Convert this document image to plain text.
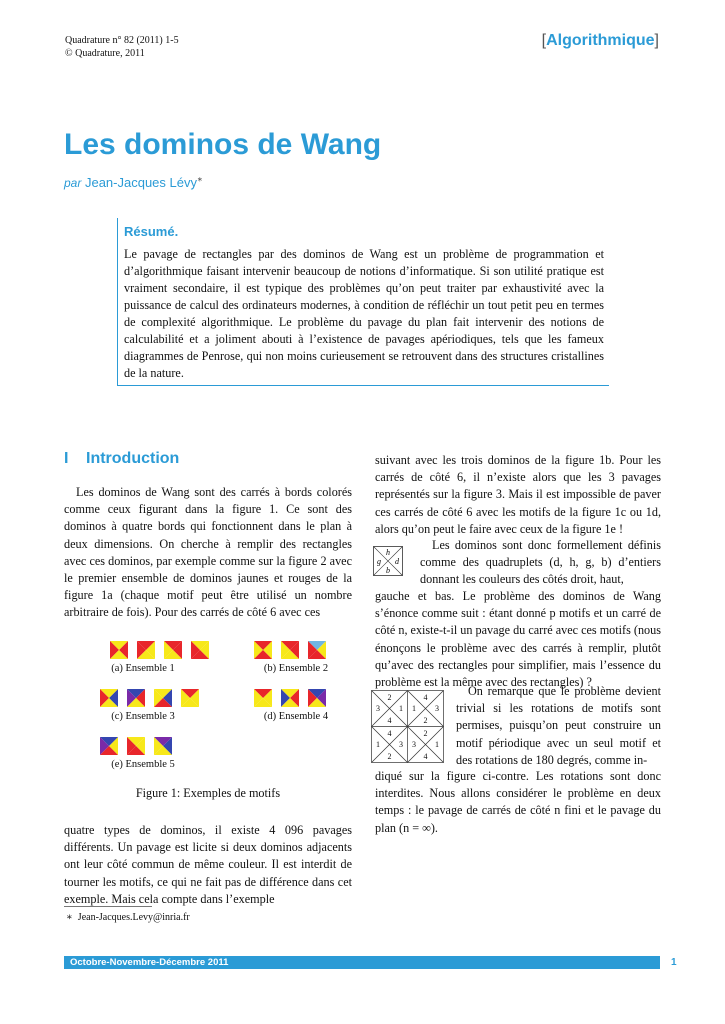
Quadrature n° 82 (2011) 1-5
© Quadrature, 2011
[Algorithmique]
Les dominos de Wang
par Jean-Jacques Lévy∗
Résumé.
Le pavage de rectangles par des dominos de Wang est un problème de programmation et d’algorithmique faisant intervenir beaucoup de notions d’informatique. Si son utilité pratique est vraiment secondaire, il est typique des problèmes qu’on peut traiter par exhaustivité avec la puissance de calcul des ordinateurs modernes, à condition de réfléchir un tout petit peu en termes de complexité algorithmique. Le problème du pavage du plan fait intervenir des notions de calculabilité et a joliment abouti à l’existence de pavages apériodiques, tels que les fameux diagrammes de Penrose, qui non moins curieusement se retrouvent dans des structures cristallines de la nature.
I Introduction
Les dominos de Wang sont des carrés à bords colorés comme ceux figurant dans la figure 1. Ce sont des dominos à quatre bords qui fonctionnent dans le plan à deux dimensions. On cherche à remplir des rectangles avec ces dominos, par exemple comme sur la figure 2 avec le premier ensemble de dominos jaunes et rouges de la figure 1a (chaque motif peut être utilisé un nombre arbitraire de fois). Pour des carrés de côté 6 avec ces
(a) Ensemble 1	(b) Ensemble 2
(c) Ensemble 3	(d) Ensemble 4
(e) Ensemble 5
Figure 1: Exemples de motifs
quatre types de dominos, il existe 4 096 pavages différents. Un pavage est licite si deux dominos adjacents ont leur côté commun de même couleur. Il est interdit de tourner les motifs, ce qui ne fait pas de différence dans cet exemple. Mais cela compte dans l’exemple
suivant avec les trois dominos de la figure 1b. Pour les carrés de côté 6, il n’existe alors que les 3 pavages représentés sur la figure 3. Mais il est impossible de paver ces carrés de côté 6 avec les motifs de la figure 1c ou 1d, alors qu’on peut le faire avec ceux de la figure 1e !
h
g d
b
Les dominos sont donc formellement définis comme des quadruplets (d, h, g, b) d’entiers donnant les couleurs des côtés droit, haut,
gauche et bas. Le problème des dominos de Wang s’énonce comme suit : étant donné p motifs et un carré de côté n, existe-t-il un pavage du carré avec ces motifs (nous énonçons le problème avec des carrés à remplir, plutôt qu’avec des rectangles pour simplifier, mais l’essence du problème est la même avec des rectangles) ?
2	4
3 1 1 3
4	2
4	2
1 3 3 1
2	4
On remarque que le problème devient trivial si les rotations de motifs sont permises, puisqu’on peut construire un motif périodique avec un seul motif et des rotations de 180 degrés, comme in-
diqué sur la figure ci-contre. Les rotations sont donc interdites. Nous allons considérer le problème en deux temps : le pavage de carrés de côté n fini et le pavage du plan (n = ∞).
∗ Jean-Jacques.Levy@inria.fr
Octobre-Novembre-Décembre 2011	1
